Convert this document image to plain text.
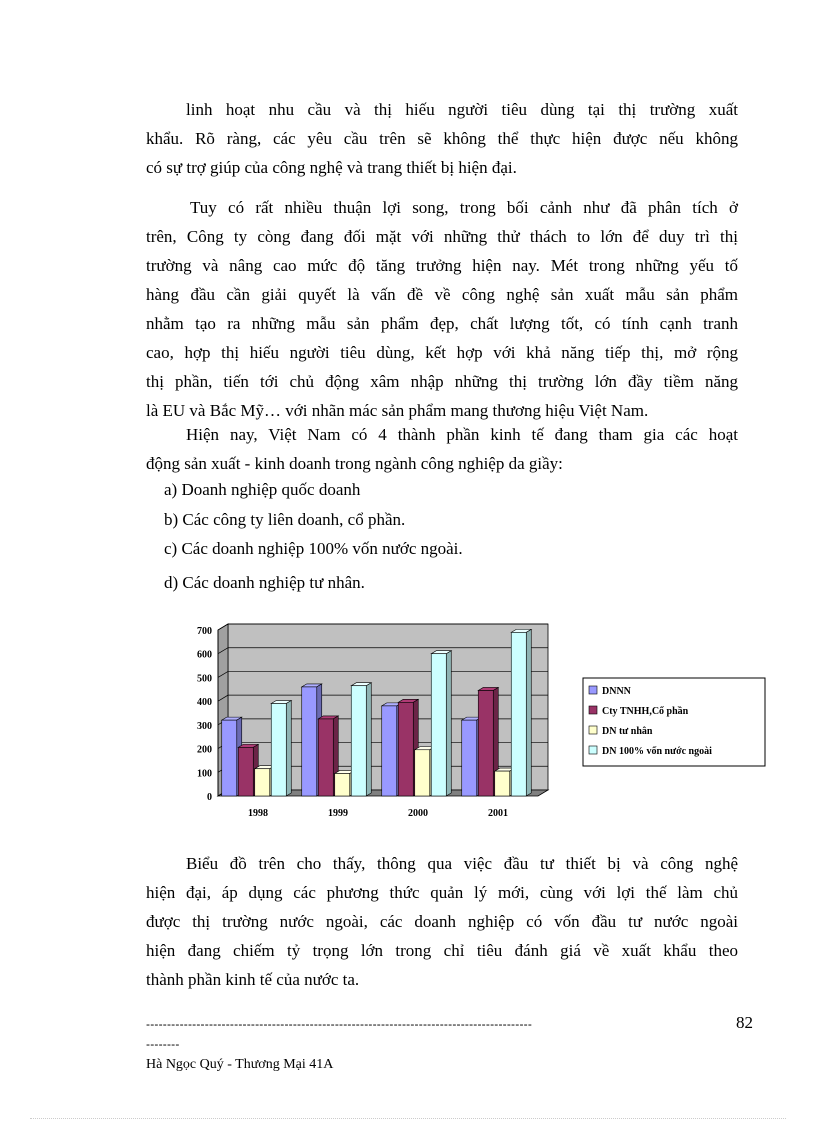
linh hoạt nhu cầu và thị hiếu người tiêu dùng tại thị trường xuất
khẩu. Rõ ràng, các yêu cầu trên sẽ không thể thực hiện được nếu không
có sự trợ giúp của công nghệ và trang thiết bị hiện đại.
Tuy có rất nhiều thuận lợi song, trong bối cảnh như đã phân tích ở
trên, Công ty còng đang đối mặt với những thử thách to lớn để duy trì thị
trường và nâng cao mức độ tăng trưởng hiện nay. Mét trong những yếu tố
hàng đầu cần giải quyết là vấn đề về công nghệ sản xuất mẫu sản phẩm
nhằm tạo ra những mẫu sản phẩm đẹp, chất lượng tốt, có tính cạnh tranh
cao, hợp thị hiếu người tiêu dùng, kết hợp với khả năng tiếp thị, mở rộng
thị phần, tiến tới chủ động xâm nhập những thị trường lớn đầy tiềm năng
là EU và Bắc Mỹ… với nhãn mác sản phẩm mang thương hiệu Việt Nam.
Hiện nay, Việt Nam có 4 thành phần kinh tế đang tham gia các hoạt
động sản xuất - kinh doanh trong ngành công nghiệp da giầy:
a) Doanh nghiệp quốc doanh
b) Các công ty liên doanh, cổ phần.
c) Các doanh nghiệp 100% vốn nước ngoài.
d) Các doanh nghiệp tư nhân.
0
100
200
300
400
500
600
700
1998	1999	2000	2001
DNNN
Cty TNHH,Cổ phần
DN tư nhân
DN 100% vốn nước ngoài
Biểu đồ trên cho thấy, thông qua việc đầu tư thiết bị và công nghệ
hiện đại, áp dụng các phương thức quản lý mới, cùng với lợi thế làm chủ
được thị trường nước ngoài, các doanh nghiệp có vốn đầu tư nước ngoài
hiện đang chiếm tỷ trọng lớn trong chỉ tiêu đánh giá về xuất khẩu theo
thành phần kinh tế của nước ta.
--------------------------------------------------------------------------------------------
--------
82
Hà Ngọc Quý - Thương Mại 41A
